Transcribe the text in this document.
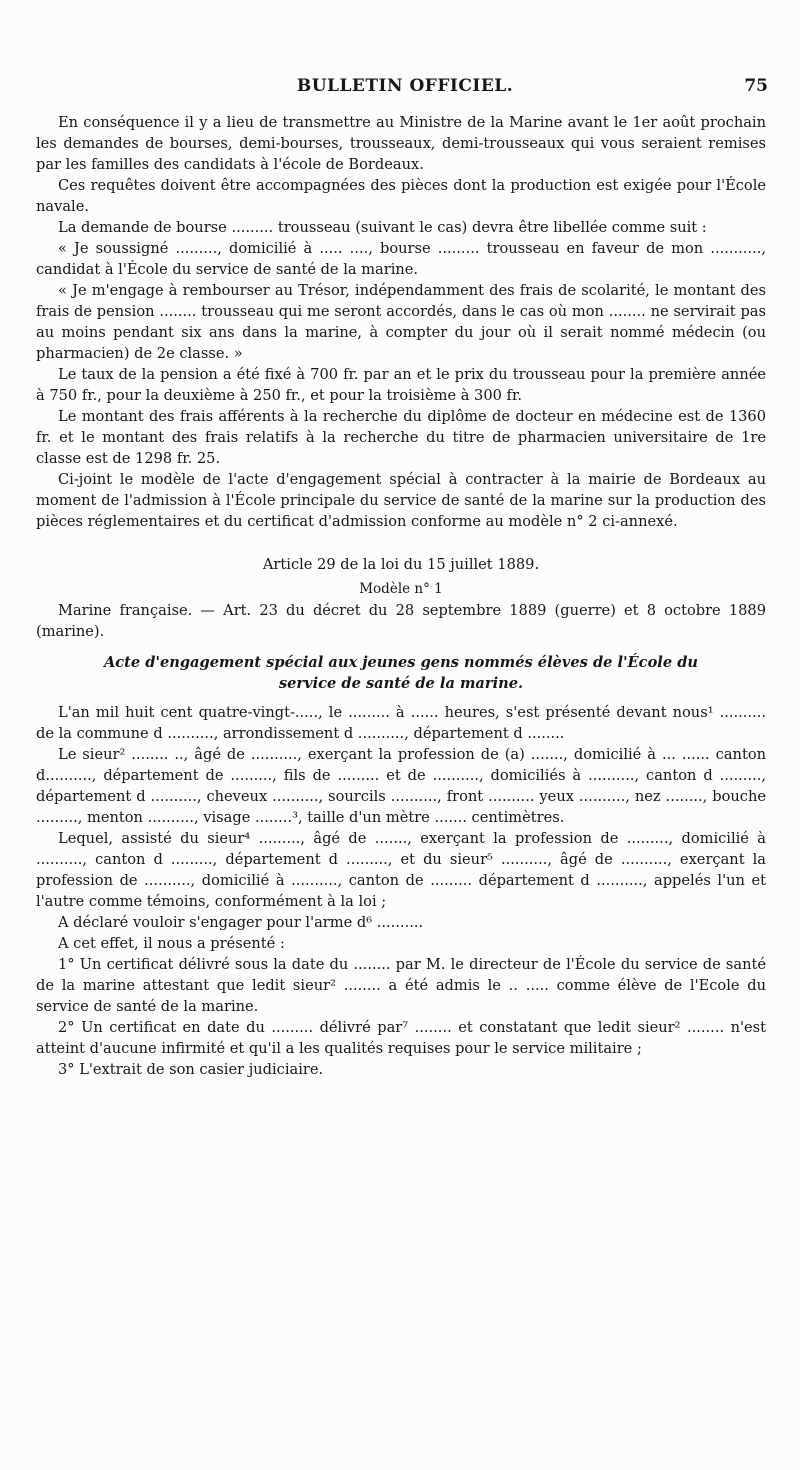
BULLETIN OFFICIEL.	75

En conséquence il y a lieu de transmettre au Ministre de la Marine avant le 1er août prochain les demandes de bourses, demi-bourses, trousseaux, demi-trousseaux qui vous seraient remises par les familles des candidats à l'école de Bordeaux.

Ces requêtes doivent être accompagnées des pièces dont la production est exigée pour l'École navale.

La demande de bourse ......... trousseau (suivant le cas) devra être libellée comme suit :

« Je soussigné ........., domicilié à ..... ...., bourse ......... trousseau en faveur de mon ..........., candidat à l'École du service de santé de la marine.

« Je m'engage à rembourser au Trésor, indépendamment des frais de scolarité, le montant des frais de pension ........ trousseau qui me seront accordés, dans le cas où mon ........ ne servirait pas au moins pendant six ans dans la marine, à compter du jour où il serait nommé médecin (ou pharmacien) de 2e classe. »

Le taux de la pension a été fixé à 700 fr. par an et le prix du trousseau pour la première année à 750 fr., pour la deuxième à 250 fr., et pour la troisième à 300 fr.

Le montant des frais afférents à la recherche du diplôme de docteur en médecine est de 1360 fr. et le montant des frais relatifs à la recherche du titre de pharmacien universitaire de 1re classe est de 1298 fr. 25.

Ci-joint le modèle de l'acte d'engagement spécial à contracter à la mairie de Bordeaux au moment de l'admission à l'École principale du service de santé de la marine sur la production des pièces réglementaires et du certificat d'admission conforme au modèle n° 2 ci-annexé.

Article 29 de la loi du 15 juillet 1889.

Modèle n° 1

Marine française. — Art. 23 du décret du 28 septembre 1889 (guerre) et 8 octobre 1889 (marine).

Acte d'engagement spécial aux jeunes gens nommés élèves de l'École du service de santé de la marine.

L'an mil huit cent quatre-vingt-....., le ......... à ...... heures, s'est présenté devant nous¹ .......... de la commune d .........., arrondissement d .........., département d ........

Le sieur² ........ .., âgé de .........., exerçant la profession de (a) ......., domicilié à ... ...... canton d.........., département de ........., fils de ......... et de .........., domiciliés à .........., canton d ........., département d .........., cheveux .........., sourcils .........., front .......... yeux .........., nez ........, bouche ........., menton .........., visage ........³, taille d'un mètre ....... centimètres.

Lequel, assisté du sieur⁴ ........., âgé de ......., exerçant la profession de ........., domicilié à .........., canton d ........., département d ........., et du sieur⁵ .........., âgé de .........., exerçant la profession de .........., domicilié à .........., canton de ......... département d .........., appelés l'un et l'autre comme témoins, conformément à la loi ;

A déclaré vouloir s'engager pour l'arme d⁶ ..........

A cet effet, il nous a présenté :

1° Un certificat délivré sous la date du ........ par M. le directeur de l'École du service de santé de la marine attestant que ledit sieur² ........ a été admis le .. ..... comme élève de l'Ecole du service de santé de la marine.

2° Un certificat en date du ......... délivré par⁷ ........ et constatant que ledit sieur² ........ n'est atteint d'aucune infirmité et qu'il a les qualités requises pour le service militaire ;

3° L'extrait de son casier judiciaire.
